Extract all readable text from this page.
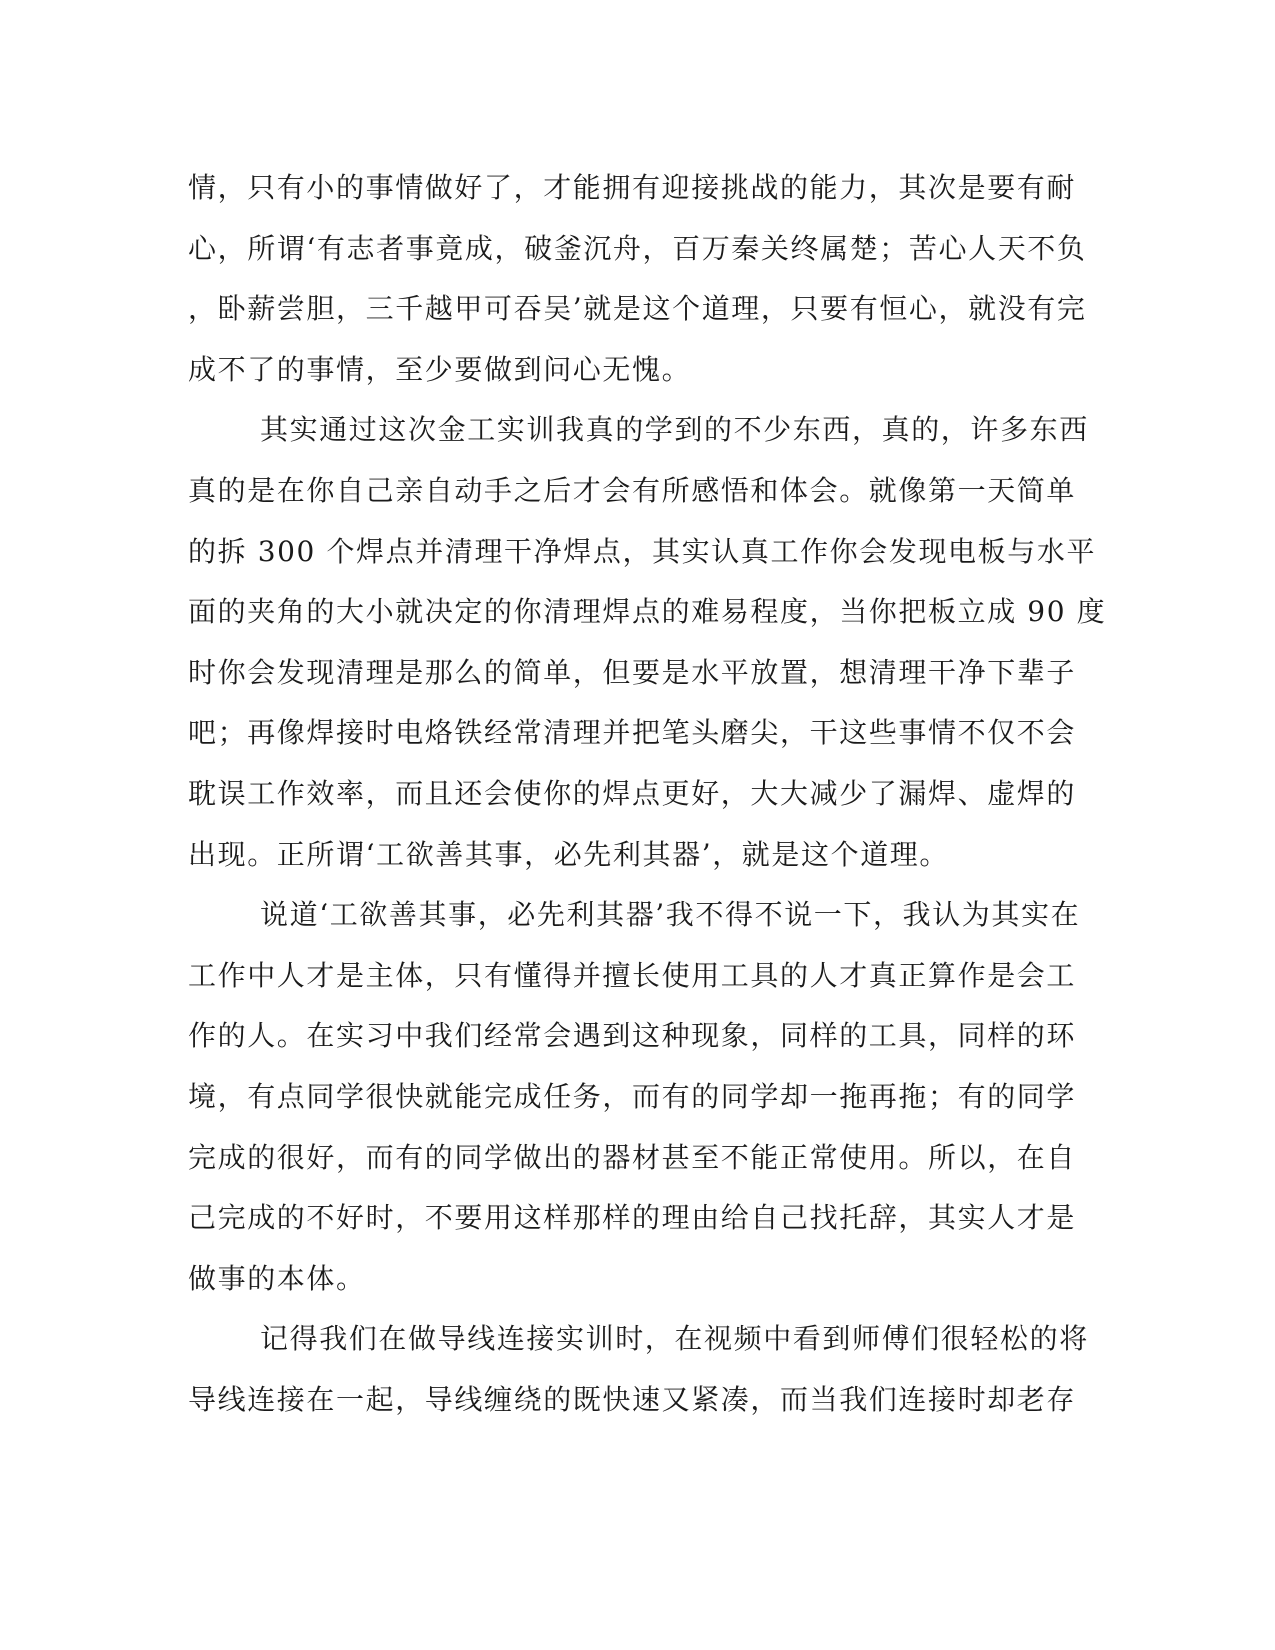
情，只有小的事情做好了，才能拥有迎接挑战的能力，其次是要有耐
心，所谓‘有志者事竟成，破釜沉舟，百万秦关终属楚；苦心人天不负
，卧薪尝胆，三千越甲可吞吴’就是这个道理，只要有恒心，就没有完
成不了的事情，至少要做到问心无愧。
其实通过这次金工实训我真的学到的不少东西，真的，许多东西
真的是在你自己亲自动手之后才会有所感悟和体会。就像第一天简单
的拆 300 个焊点并清理干净焊点，其实认真工作你会发现电板与水平
面的夹角的大小就决定的你清理焊点的难易程度，当你把板立成 90 度
时你会发现清理是那么的简单，但要是水平放置，想清理干净下辈子
吧；再像焊接时电烙铁经常清理并把笔头磨尖，干这些事情不仅不会
耽误工作效率，而且还会使你的焊点更好，大大减少了漏焊、虚焊的
出现。正所谓‘工欲善其事，必先利其器’，就是这个道理。
说道‘工欲善其事，必先利其器’我不得不说一下，我认为其实在
工作中人才是主体，只有懂得并擅长使用工具的人才真正算作是会工
作的人。在实习中我们经常会遇到这种现象，同样的工具，同样的环
境，有点同学很快就能完成任务，而有的同学却一拖再拖；有的同学
完成的很好，而有的同学做出的器材甚至不能正常使用。所以，在自
己完成的不好时，不要用这样那样的理由给自己找托辞，其实人才是
做事的本体。
记得我们在做导线连接实训时，在视频中看到师傅们很轻松的将
导线连接在一起，导线缠绕的既快速又紧凑，而当我们连接时却老存
